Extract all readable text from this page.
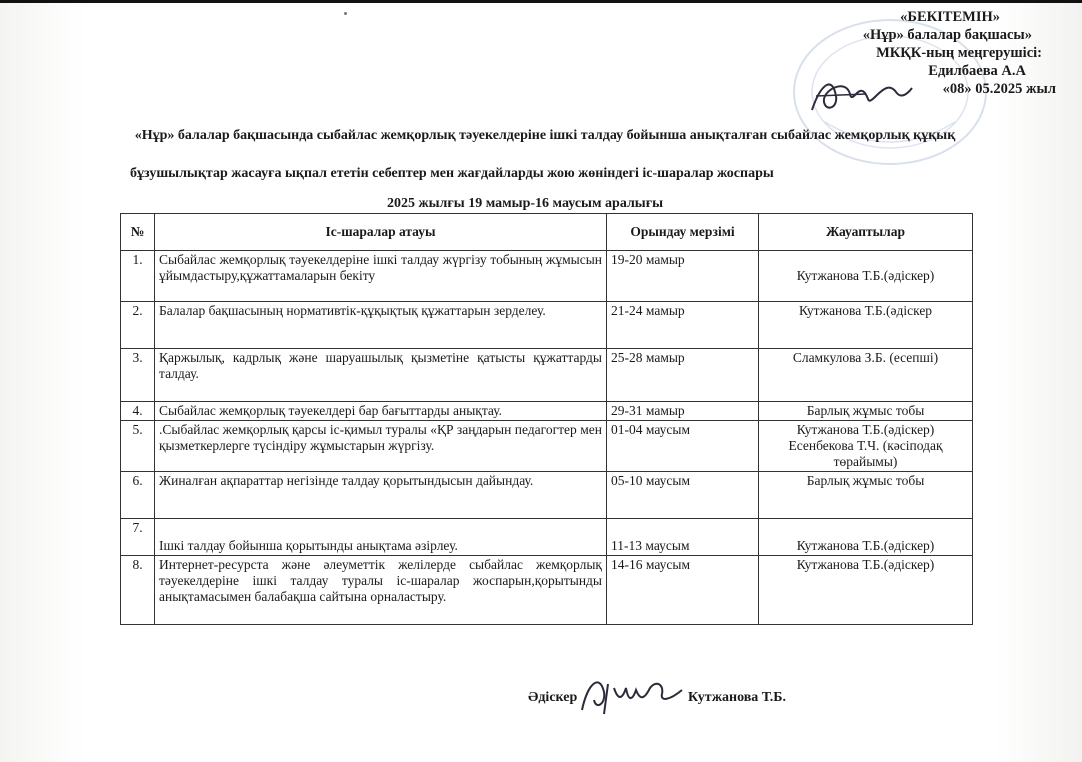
«БЕКІТЕМІН»
«Нұр» балалар бақшасы»
МКҚК-ның меңгерушісі:
Едилбаева А.А
«08» 05.2025 жыл
«Нұр» балалар бақшасында сыбайлас жемқорлық тәуекелдеріне ішкі талдау бойынша анықталған сыбайлас жемқорлық құқық
бұзушылықтар жасауға ықпал ететін себептер мен жағдайларды жою жөніндегі іс-шаралар жоспары
2025 жылғы 19 мамыр-16 маусым аралығы
№	Іс-шаралар атауы	Орындау мерзімі	Жауаптылар
1.	Сыбайлас жемқорлық тәуекелдеріне ішкі талдау жүргізу тобының жұмысын ұйымдастыру,құжаттамаларын бекіту	19-20 мамыр	Кутжанова Т.Б.(әдіскер)
2.	Балалар бақшасының нормативтік-құқықтық құжаттарын зерделеу.	21-24 мамыр	Кутжанова Т.Б.(әдіскер
3.	Қаржылық, кадрлық және шаруашылық қызметіне қатысты құжаттарды талдау.	25-28 мамыр	Сламкулова З.Б. (есепші)
4.	Сыбайлас жемқорлық тәуекелдері бар бағыттарды анықтау.	29-31 мамыр	Барлық жұмыс тобы
5.	.Сыбайлас жемқорлық қарсы іс-қимыл туралы «ҚР заңдарын педагогтер мен қызметкерлерге түсіндіру жұмыстарын жүргізу.	01-04 маусым	Кутжанова Т.Б.(әдіскер) Есенбекова Т.Ч. (кәсіподақ төрайымы)
6.	Жиналған ақпараттар негізінде талдау қорытындысын дайындау.	05-10 маусым	Барлық жұмыс тобы
7.	Ішкі талдау бойынша қорытынды анықтама әзірлеу.	11-13 маусым	Кутжанова Т.Б.(әдіскер)
8.	Интернет-ресурста және әлеуметтік желілерде сыбайлас жемқорлық тәуекелдеріне ішкі талдау туралы іс-шаралар жоспарын,қорытынды анықтамасымен балабақша сайтына орналастыру.	14-16 маусым	Кутжанова Т.Б.(әдіскер)
Әдіскер	Кутжанова Т.Б.
